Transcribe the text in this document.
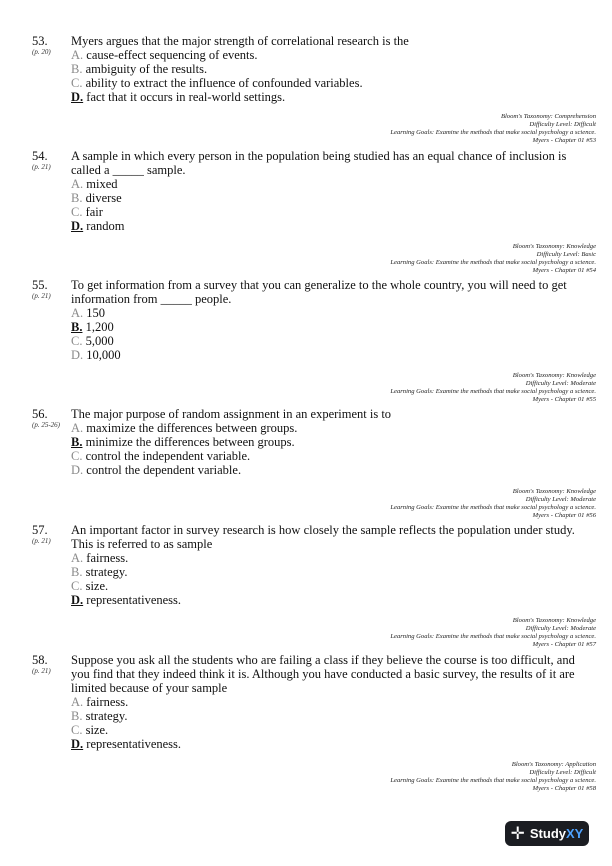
53.
(p. 20)
Myers argues that the major strength of correlational research is the
A. cause-effect sequencing of events.
B. ambiguity of the results.
C. ability to extract the influence of confounded variables.
D. fact that it occurs in real-world settings.
Bloom's Taxonomy: Comprehension
Difficulty Level: Difficult
Learning Goals: Examine the methods that make social psychology a science.
Myers - Chapter 01 #53
54.
(p. 21)
A sample in which every person in the population being studied has an equal chance of inclusion is called a _____ sample.
A. mixed
B. diverse
C. fair
D. random
Bloom's Taxonomy: Knowledge
Difficulty Level: Basic
Learning Goals: Examine the methods that make social psychology a science.
Myers - Chapter 01 #54
55.
(p. 21)
To get information from a survey that you can generalize to the whole country, you will need to get information from _____ people.
A. 150
B. 1,200
C. 5,000
D. 10,000
Bloom's Taxonomy: Knowledge
Difficulty Level: Moderate
Learning Goals: Examine the methods that make social psychology a science.
Myers - Chapter 01 #55
56.
(p. 25-26)
The major purpose of random assignment in an experiment is to
A. maximize the differences between groups.
B. minimize the differences between groups.
C. control the independent variable.
D. control the dependent variable.
Bloom's Taxonomy: Knowledge
Difficulty Level: Moderate
Learning Goals: Examine the methods that make social psychology a science.
Myers - Chapter 01 #56
57.
(p. 21)
An important factor in survey research is how closely the sample reflects the population under study. This is referred to as sample
A. fairness.
B. strategy.
C. size.
D. representativeness.
Bloom's Taxonomy: Knowledge
Difficulty Level: Moderate
Learning Goals: Examine the methods that make social psychology a science.
Myers - Chapter 01 #57
58.
(p. 21)
Suppose you ask all the students who are failing a class if they believe the course is too difficult, and you find that they indeed think it is. Although you have conducted a basic survey, the results of it are limited because of your sample
A. fairness.
B. strategy.
C. size.
D. representativeness.
Bloom's Taxonomy: Application
Difficulty Level: Difficult
Learning Goals: Examine the methods that make social psychology a science.
Myers - Chapter 01 #58
✛ StudyXY
